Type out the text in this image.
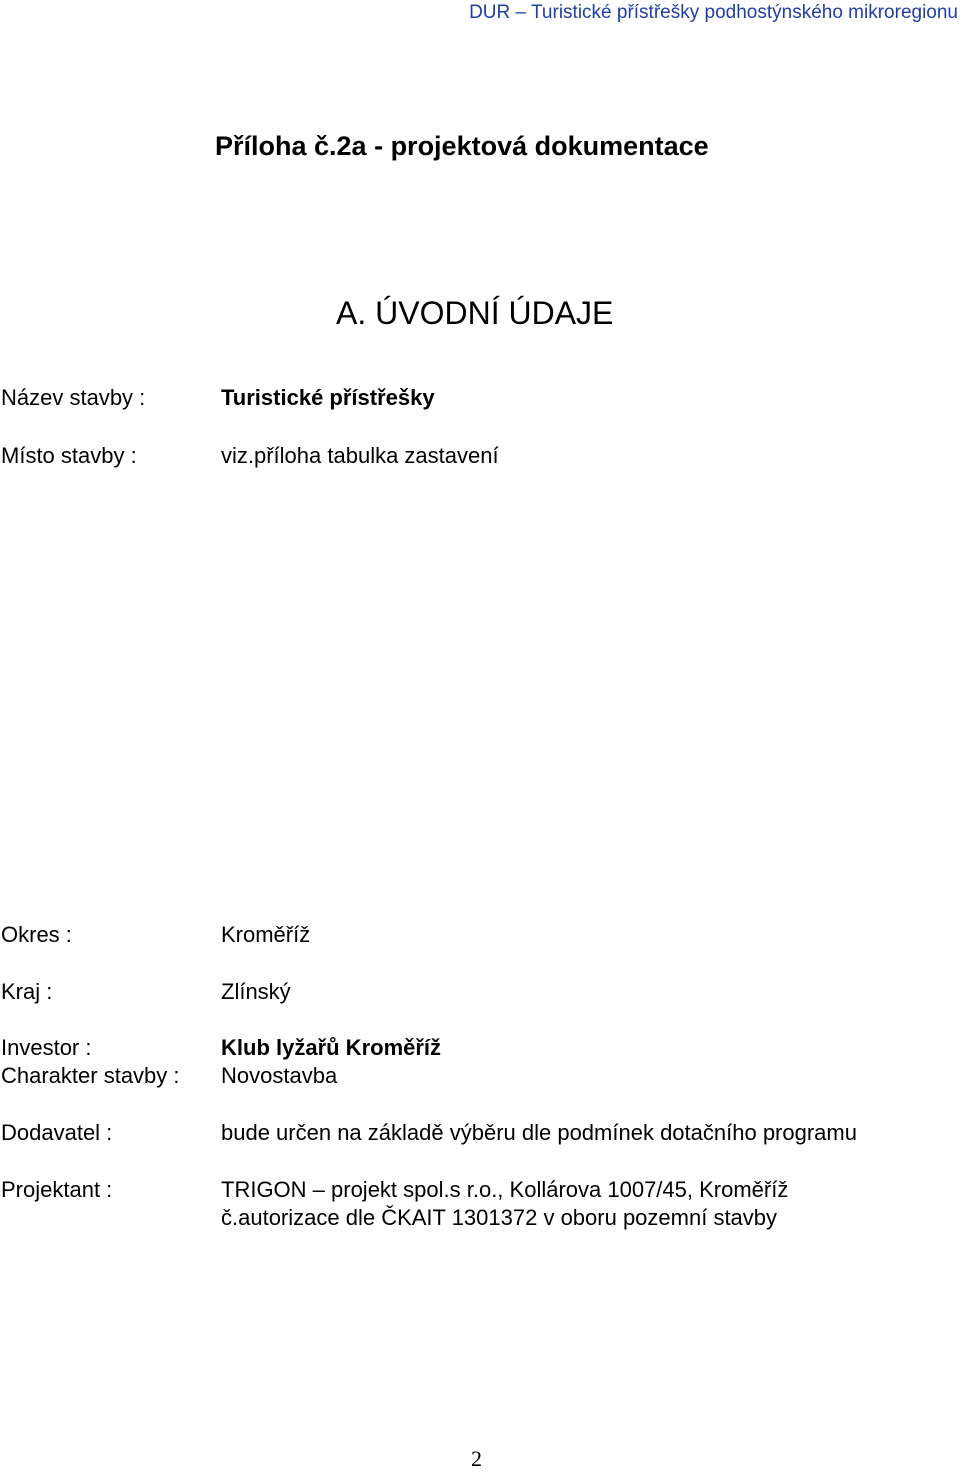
DUR – Turistické přístřešky podhostýnského mikroregionu
Příloha č.2a - projektová dokumentace
A. ÚVODNÍ ÚDAJE
Název stavby :	Turistické přístřešky
Místo stavby :	viz.příloha tabulka zastavení
Okres :	Kroměříž
Kraj :	Zlínský
Investor :	Klub lyžařů Kroměříž
Charakter stavby : Novostavba
Dodavatel :	bude určen na základě výběru dle podmínek dotačního programu
Projektant :	TRIGON – projekt spol.s r.o., Kollárova 1007/45, Kroměříž
č.autorizace dle ČKAIT 1301372 v oboru pozemní stavby
2
